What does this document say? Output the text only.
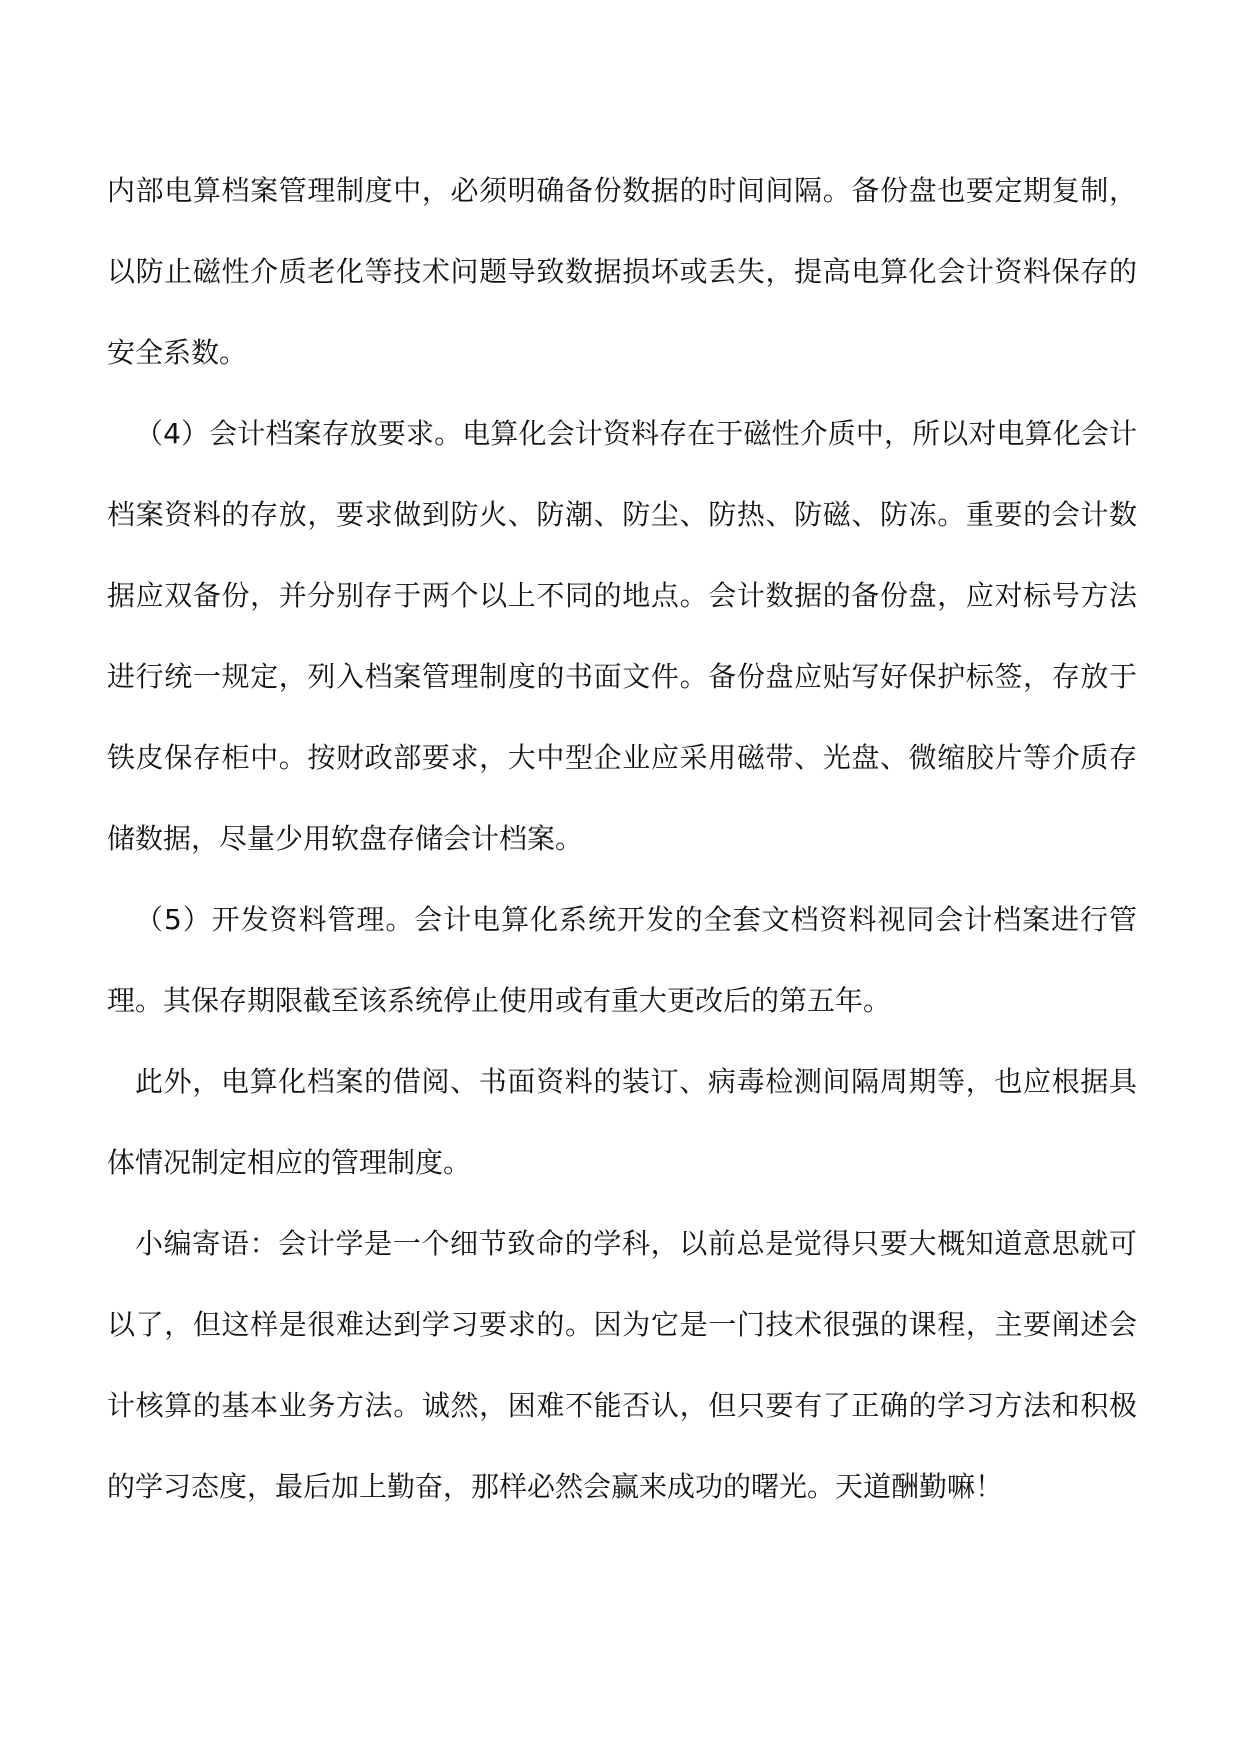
内部电算档案管理制度中，必须明确备份数据的时间间隔。备份盘也要定期复制，以防止磁性介质老化等技术问题导致数据损坏或丢失，提高电算化会计资料保存的安全系数。

（4）会计档案存放要求。电算化会计资料存在于磁性介质中，所以对电算化会计档案资料的存放，要求做到防火、防潮、防尘、防热、防磁、防冻。重要的会计数据应双备份，并分别存于两个以上不同的地点。会计数据的备份盘，应对标号方法进行统一规定，列入档案管理制度的书面文件。备份盘应贴写好保护标签，存放于铁皮保存柜中。按财政部要求，大中型企业应采用磁带、光盘、微缩胶片等介质存储数据，尽量少用软盘存储会计档案。

（5）开发资料管理。会计电算化系统开发的全套文档资料视同会计档案进行管理。其保存期限截至该系统停止使用或有重大更改后的第五年。

此外，电算化档案的借阅、书面资料的装订、病毒检测间隔周期等，也应根据具体情况制定相应的管理制度。

小编寄语：会计学是一个细节致命的学科，以前总是觉得只要大概知道意思就可以了，但这样是很难达到学习要求的。因为它是一门技术很强的课程，主要阐述会计核算的基本业务方法。诚然，困难不能否认，但只要有了正确的学习方法和积极的学习态度，最后加上勤奋，那样必然会赢来成功的曙光。天道酬勤嘛！
